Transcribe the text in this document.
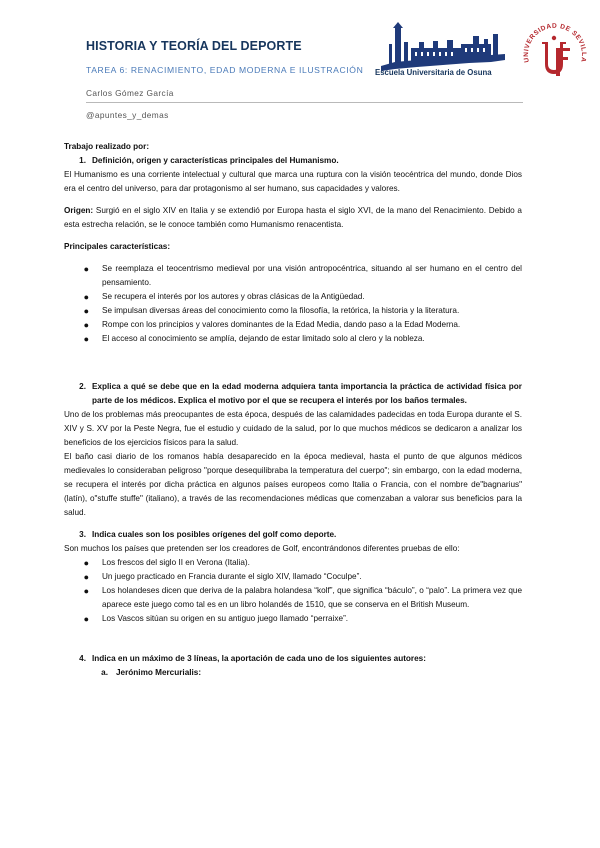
HISTORIA Y TEORÍA DEL DEPORTE
TAREA 6: RENACIMIENTO, EDAD MODERNA E ILUSTRACIÓN
Carlos Gómez García
@apuntes_y_demas
Escuela Universitaria de Osuna
UNIVERSIDAD DE SEVILLA

Trabajo realizado por:

1. Definición, origen y características principales del Humanismo.

El Humanismo es una corriente intelectual y cultural que marca una ruptura con la visión teocéntrica del mundo, donde Dios era el centro del universo, para dar protagonismo al ser humano, sus capacidades y valores.

Origen: Surgió en el siglo XIV en Italia y se extendió por Europa hasta el siglo XVI, de la mano del Renacimiento. Debido a esta estrecha relación, se le conoce también como Humanismo renacentista.

Principales características:

●	Se reemplaza el teocentrismo medieval por una visión antropocéntrica, situando al ser humano en el centro del pensamiento.
●	Se recupera el interés por los autores y obras clásicas de la Antigüedad.
●	Se impulsan diversas áreas del conocimiento como la filosofía, la retórica, la historia y la literatura.
●	Rompe con los principios y valores dominantes de la Edad Media, dando paso a la Edad Moderna.
●	El acceso al conocimiento se amplía, dejando de estar limitado solo al clero y la nobleza.

2. Explica a qué se debe que en la edad moderna adquiera tanta importancia la práctica de actividad física por parte de los médicos. Explica el motivo por el que se recupera el interés por los baños termales.

Uno de los problemas más preocupantes de esta época, después de las calamidades padecidas en toda Europa durante el S. XIV y S. XV por la Peste Negra, fue el estudio y cuidado de la salud, por lo que muchos médicos se dedicaron a analizar los beneficios de los ejercicios físicos para la salud.

El baño casi diario de los romanos había desaparecido en la época medieval, hasta el punto de que algunos médicos medievales lo consideraban peligroso "porque desequilibraba la temperatura del cuerpo"; sin embargo, con la edad moderna, se recupera el interés por dicha práctica en algunos países europeos como Italia o Francia, con el nombre de"bagnarius" (latín), o"stuffe stuffe" (italiano), a través de las recomendaciones médicas que comenzaban a valorar sus beneficios para la salud.

3. Indica cuales son los posibles orígenes del golf como deporte.

Son muchos los países que pretenden ser los creadores de Golf, encontrándonos diferentes pruebas de ello:

●	Los frescos del siglo II en Verona (Italia).
●	Un juego practicado en Francia durante el siglo XIV, llamado “Coculpe”.
●	Los holandeses dicen que deriva de la palabra holandesa “kolf”, que significa “báculo”, o “palo”. La primera vez que aparece este juego como tal es en un libro holandés de 1510, que se conserva en el British Museum.
●	Los Vascos sitúan su origen en su antiguo juego llamado “perraixe”.

4. Indica en un máximo de 3 líneas, la aportación de cada uno de los siguientes autores:

a. Jerónimo Mercurialis:
